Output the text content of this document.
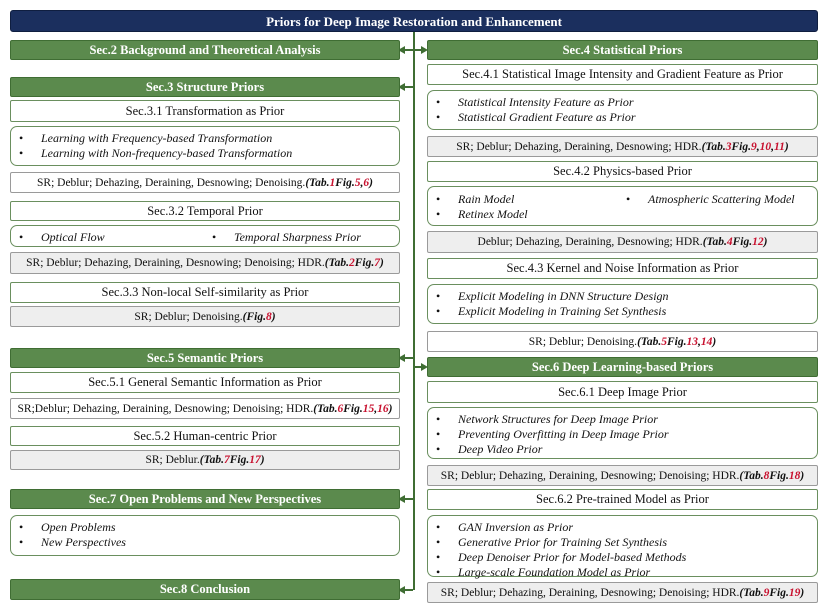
Priors for Deep Image Restoration and Enhancement
Sec.2 Background and Theoretical Analysis
Sec.3 Structure Priors
Sec.3.1 Transformation as Prior
• Learning with Frequency-based Transformation
• Learning with Non-frequency-based Transformation
SR; Deblur; Dehazing, Deraining, Desnowing; Denoising. (Tab. 1 Fig. 5 , 6 )
Sec.3.2 Temporal Prior
• Optical Flow	• Temporal Sharpness Prior
SR; Deblur; Dehazing, Deraining, Desnowing; Denoising; HDR. (Tab. 2 Fig. 7 )
Sec.3.3 Non-local Self-similarity as Prior
SR; Deblur; Denoising. (Fig. 8 )
Sec.5 Semantic Priors
Sec.5.1 General Semantic Information as Prior
SR;Deblur; Dehazing, Deraining, Desnowing; Denoising; HDR. (Tab. 6 Fig. 15 , 16 )
Sec.5.2 Human-centric Prior
SR; Deblur. (Tab. 7 Fig. 17 )
Sec.7 Open Problems and New Perspectives
• Open Problems
• New Perspectives
Sec.8 Conclusion
Sec.4 Statistical Priors
Sec.4.1 Statistical Image Intensity and Gradient Feature as Prior
• Statistical Intensity Feature as Prior
• Statistical Gradient Feature as Prior
SR; Deblur; Dehazing, Deraining, Desnowing; HDR. (Tab. 3 Fig. 9 , 10 , 11 )
Sec.4.2 Physics-based Prior
• Rain Model	• Atmospheric Scattering Model
• Retinex Model
Deblur; Dehazing, Deraining, Desnowing; HDR. (Tab. 4 Fig. 12 )
Sec.4.3 Kernel and Noise Information as Prior
• Explicit Modeling in DNN Structure Design
• Explicit Modeling in Training Set Synthesis
SR; Deblur; Denoising. (Tab. 5 Fig. 13 , 14 )
Sec.6 Deep Learning-based Priors
Sec.6.1 Deep Image Prior
• Network Structures for Deep Image Prior
• Preventing Overfitting in Deep Image Prior
• Deep Video Prior
SR; Deblur; Dehazing, Deraining, Desnowing; Denoising; HDR. (Tab. 8 Fig. 18 )
Sec.6.2 Pre-trained Model as Prior
• GAN Inversion as Prior
• Generative Prior for Training Set Synthesis
• Deep Denoiser Prior for Model-based Methods
• Large-scale Foundation Model as Prior
SR; Deblur; Dehazing, Deraining, Desnowing; Denoising; HDR. (Tab. 9 Fig. 19 )
